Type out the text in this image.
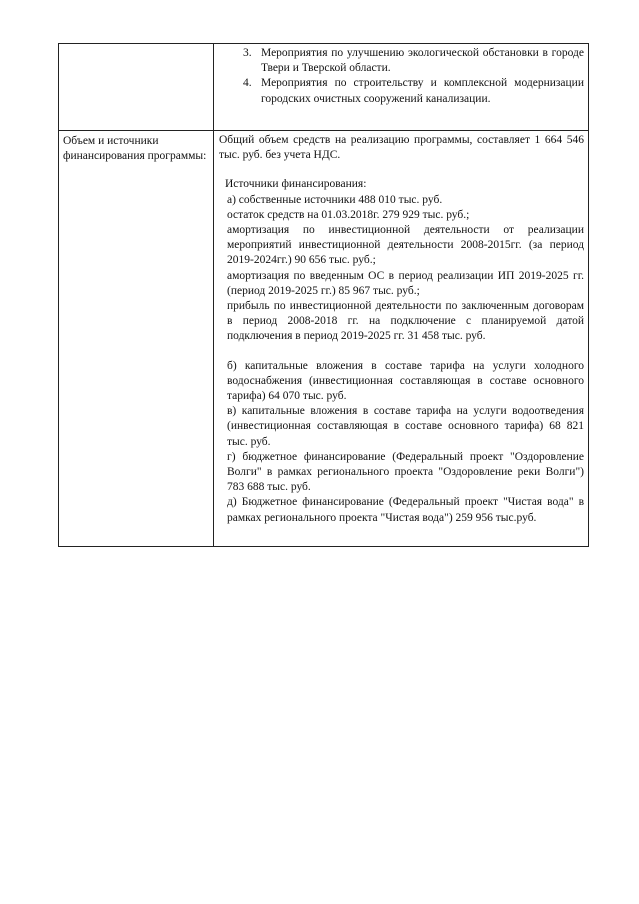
3. Мероприятия по улучшению экологической обстановки в городе Твери и Тверской области.
4. Мероприятия по строительству и комплексной модернизации городских очистных сооружений канализации.
Объем и источники финансирования программы:

Общий объем средств на реализацию программы, составляет 1 664 546 тыс. руб. без учета НДС.

Источники финансирования:

а) собственные источники 488 010 тыс. руб.

остаток средств на 01.03.2018г. 279 929 тыс. руб.;

амортизация по инвестиционной деятельности от реализации мероприятий инвестиционной деятельности 2008-2015гг. (за период 2019-2024гг.) 90 656 тыс. руб.;

амортизация по введенным ОС в период реализации ИП 2019-2025 гг. (период 2019-2025 гг.) 85 967 тыс. руб.;

прибыль по инвестиционной деятельности по заключенным договорам в период 2008-2018 гг. на подключение с планируемой датой подключения в период 2019-2025 гг. 31 458 тыс. руб.

б) капитальные вложения в составе тарифа на услуги холодного водоснабжения (инвестиционная составляющая в составе основного тарифа) 64 070 тыс. руб.

в) капитальные вложения в составе тарифа на услуги водоотведения (инвестиционная составляющая в составе основного тарифа) 68 821 тыс. руб.

г) бюджетное финансирование (Федеральный проект "Оздоровление Волги" в рамках регионального проекта "Оздоровление реки Волги") 783 688 тыс. руб.

д) Бюджетное финансирование (Федеральный проект "Чистая вода" в рамках регионального проекта "Чистая вода") 259 956 тыс.руб.
